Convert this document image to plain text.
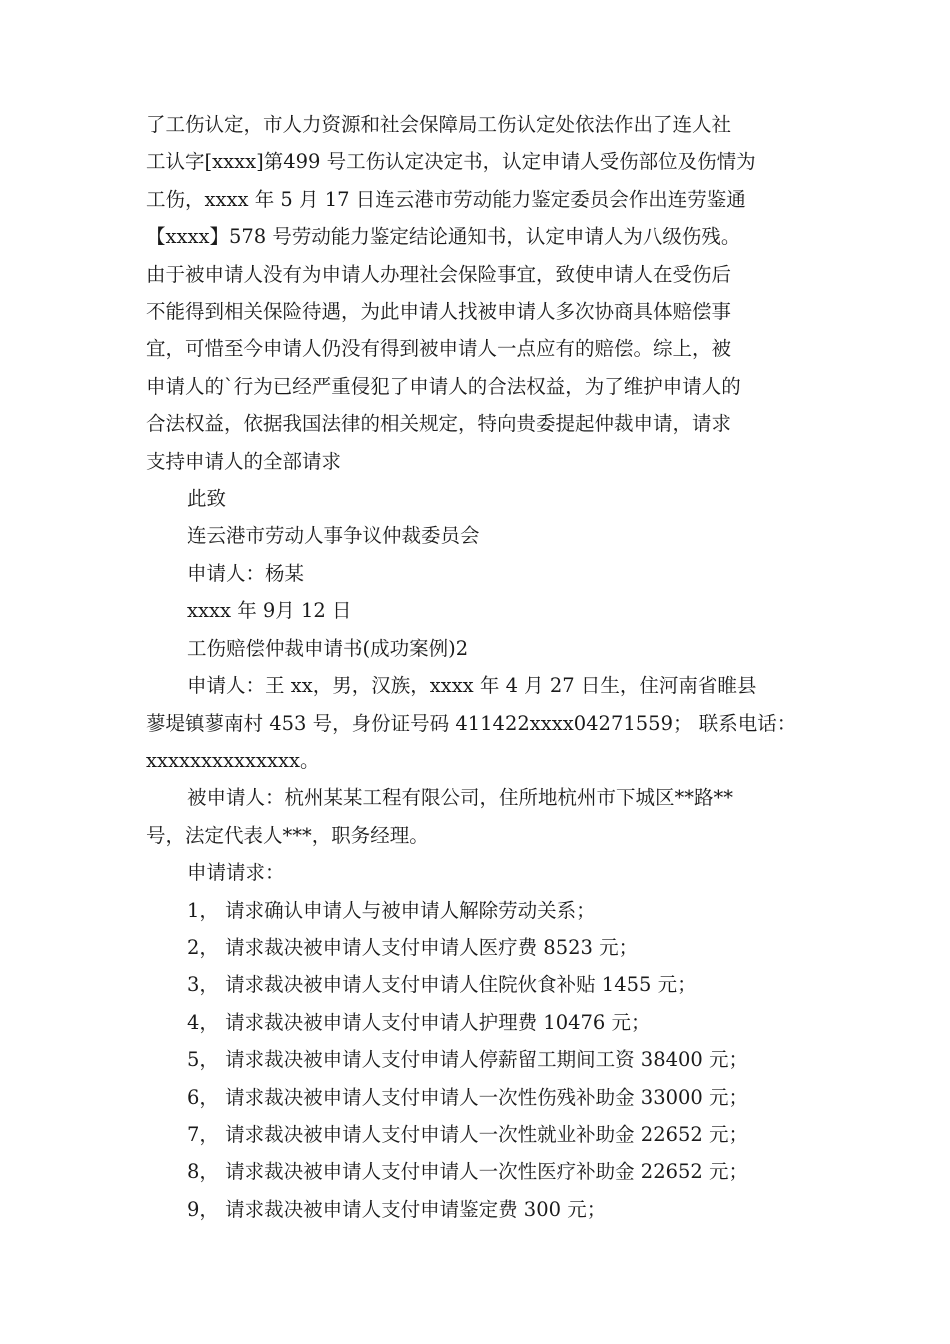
了工伤认定，市人力资源和社会保障局工伤认定处依法作出了连人社

工认字[xxxx]第499 号工伤认定决定书，认定申请人受伤部位及伤情为

工伤，xxxx 年 5 月 17 日连云港市劳动能力鉴定委员会作出连劳鉴通

【xxxx】578 号劳动能力鉴定结论通知书，认定申请人为八级伤残。

由于被申请人没有为申请人办理社会保险事宜，致使申请人在受伤后

不能得到相关保险待遇，为此申请人找被申请人多次协商具体赔偿事

宜，可惜至今申请人仍没有得到被申请人一点应有的赔偿。综上，被

申请人的`行为已经严重侵犯了申请人的合法权益，为了维护申请人的

合法权益，依据我国法律的相关规定，特向贵委提起仲裁申请，请求

支持申请人的全部请求

此致

连云港市劳动人事争议仲裁委员会

申请人：杨某

xxxx 年 9月 12 日

工伤赔偿仲裁申请书(成功案例)2

申请人：王 xx，男，汉族，xxxx 年 4 月 27 日生，住河南省睢县

蓼堤镇蓼南村 453 号，身份证号码 411422xxxx04271559； 联系电话：

xxxxxxxxxxxxxx。

被申请人：杭州某某工程有限公司，住所地杭州市下城区**路**

号，法定代表人***，职务经理。

申请请求：

1， 请求确认申请人与被申请人解除劳动关系；

2， 请求裁决被申请人支付申请人医疗费 8523 元；

3， 请求裁决被申请人支付申请人住院伙食补贴 1455 元；

4， 请求裁决被申请人支付申请人护理费 10476 元；

5， 请求裁决被申请人支付申请人停薪留工期间工资 38400 元；

6， 请求裁决被申请人支付申请人一次性伤残补助金 33000 元；

7， 请求裁决被申请人支付申请人一次性就业补助金 22652 元；

8， 请求裁决被申请人支付申请人一次性医疗补助金 22652 元；

9， 请求裁决被申请人支付申请鉴定费 300 元；
